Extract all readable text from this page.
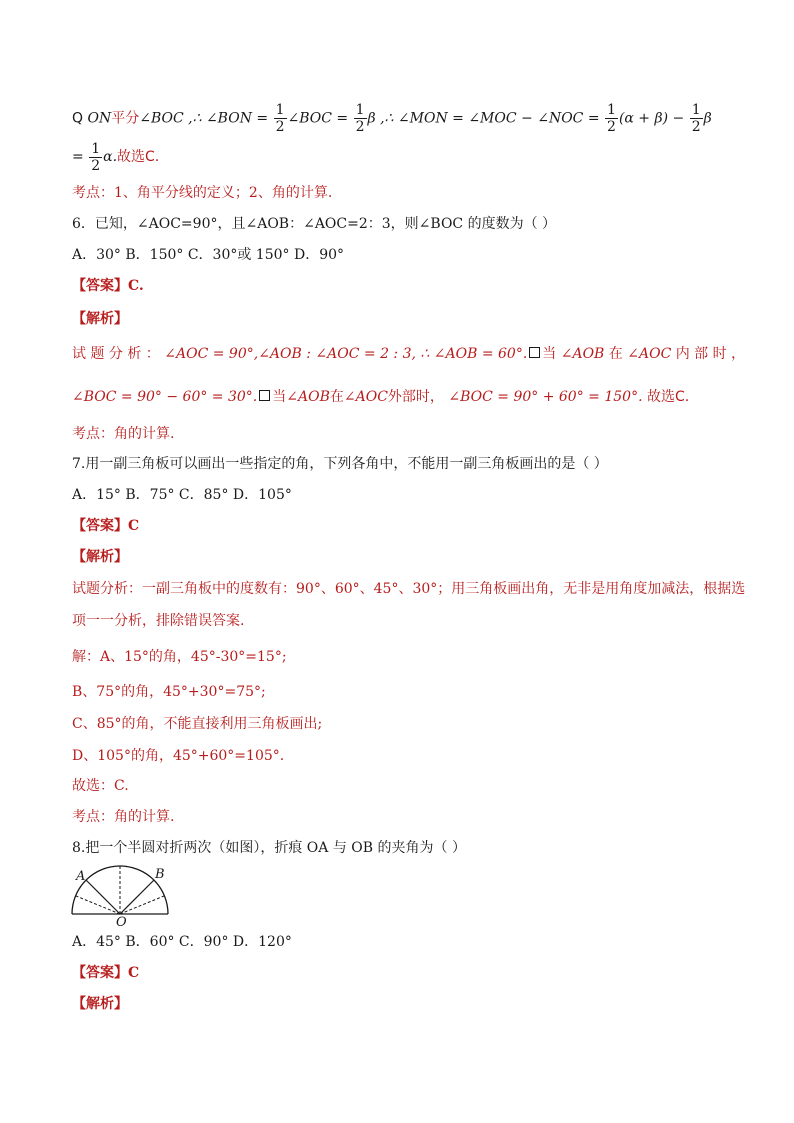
Q ON平分∠BOC ,∴ ∠BON = $\frac{1}{2}$ ∠BOC = $\frac{1}{2}$ β ,∴ ∠MON = ∠MOC − ∠NOC = $\frac{1}{2} (\alpha + \beta) - \frac{1}{2}$ β
= $\frac{1}{2} \alpha$.故选C.
考点：1、角平分线的定义；2、角的计算.
6．已知，∠AOC=90°，且∠AOB：∠AOC=2：3，则∠BOC 的度数为（ ）
A．30° B．150° C．30°或 150° D．90°
【答案】C.
【解析】
试 题 分 析 ： ∠AOC = 90°,∠AOB : ∠AOC = 2 : 3, ∴ ∠AOB = 60°. 当 ∠AOB 在 ∠AOC 内 部 时 ，
∠BOC = 90° − 60° = 30°. 当∠AOB在∠AOC外部时， ∠BOC = 90° + 60° = 150°. 故选C.
考点：角的计算.
7.用一副三角板可以画出一些指定的角，下列各角中，不能用一副三角板画出的是（ ）
A．15° B．75° C．85° D．105°
【答案】C
【解析】
试题分析：一副三角板中的度数有：90°、60°、45°、30°；用三角板画出角，无非是用角度加减法，根据选
项一一分析，排除错误答案.
解：A、15°的角，45°-30°=15°;
B、75°的角，45°+30°=75°;
C、85°的角，不能直接利用三角板画出;
D、105°的角，45°+60°=105°.
故选：C.
考点：角的计算.
8.把一个半圆对折两次（如图），折痕 OA 与 OB 的夹角为（ ）
A	B
O
A．45° B．60° C．90° D．120°
【答案】C
【解析】
